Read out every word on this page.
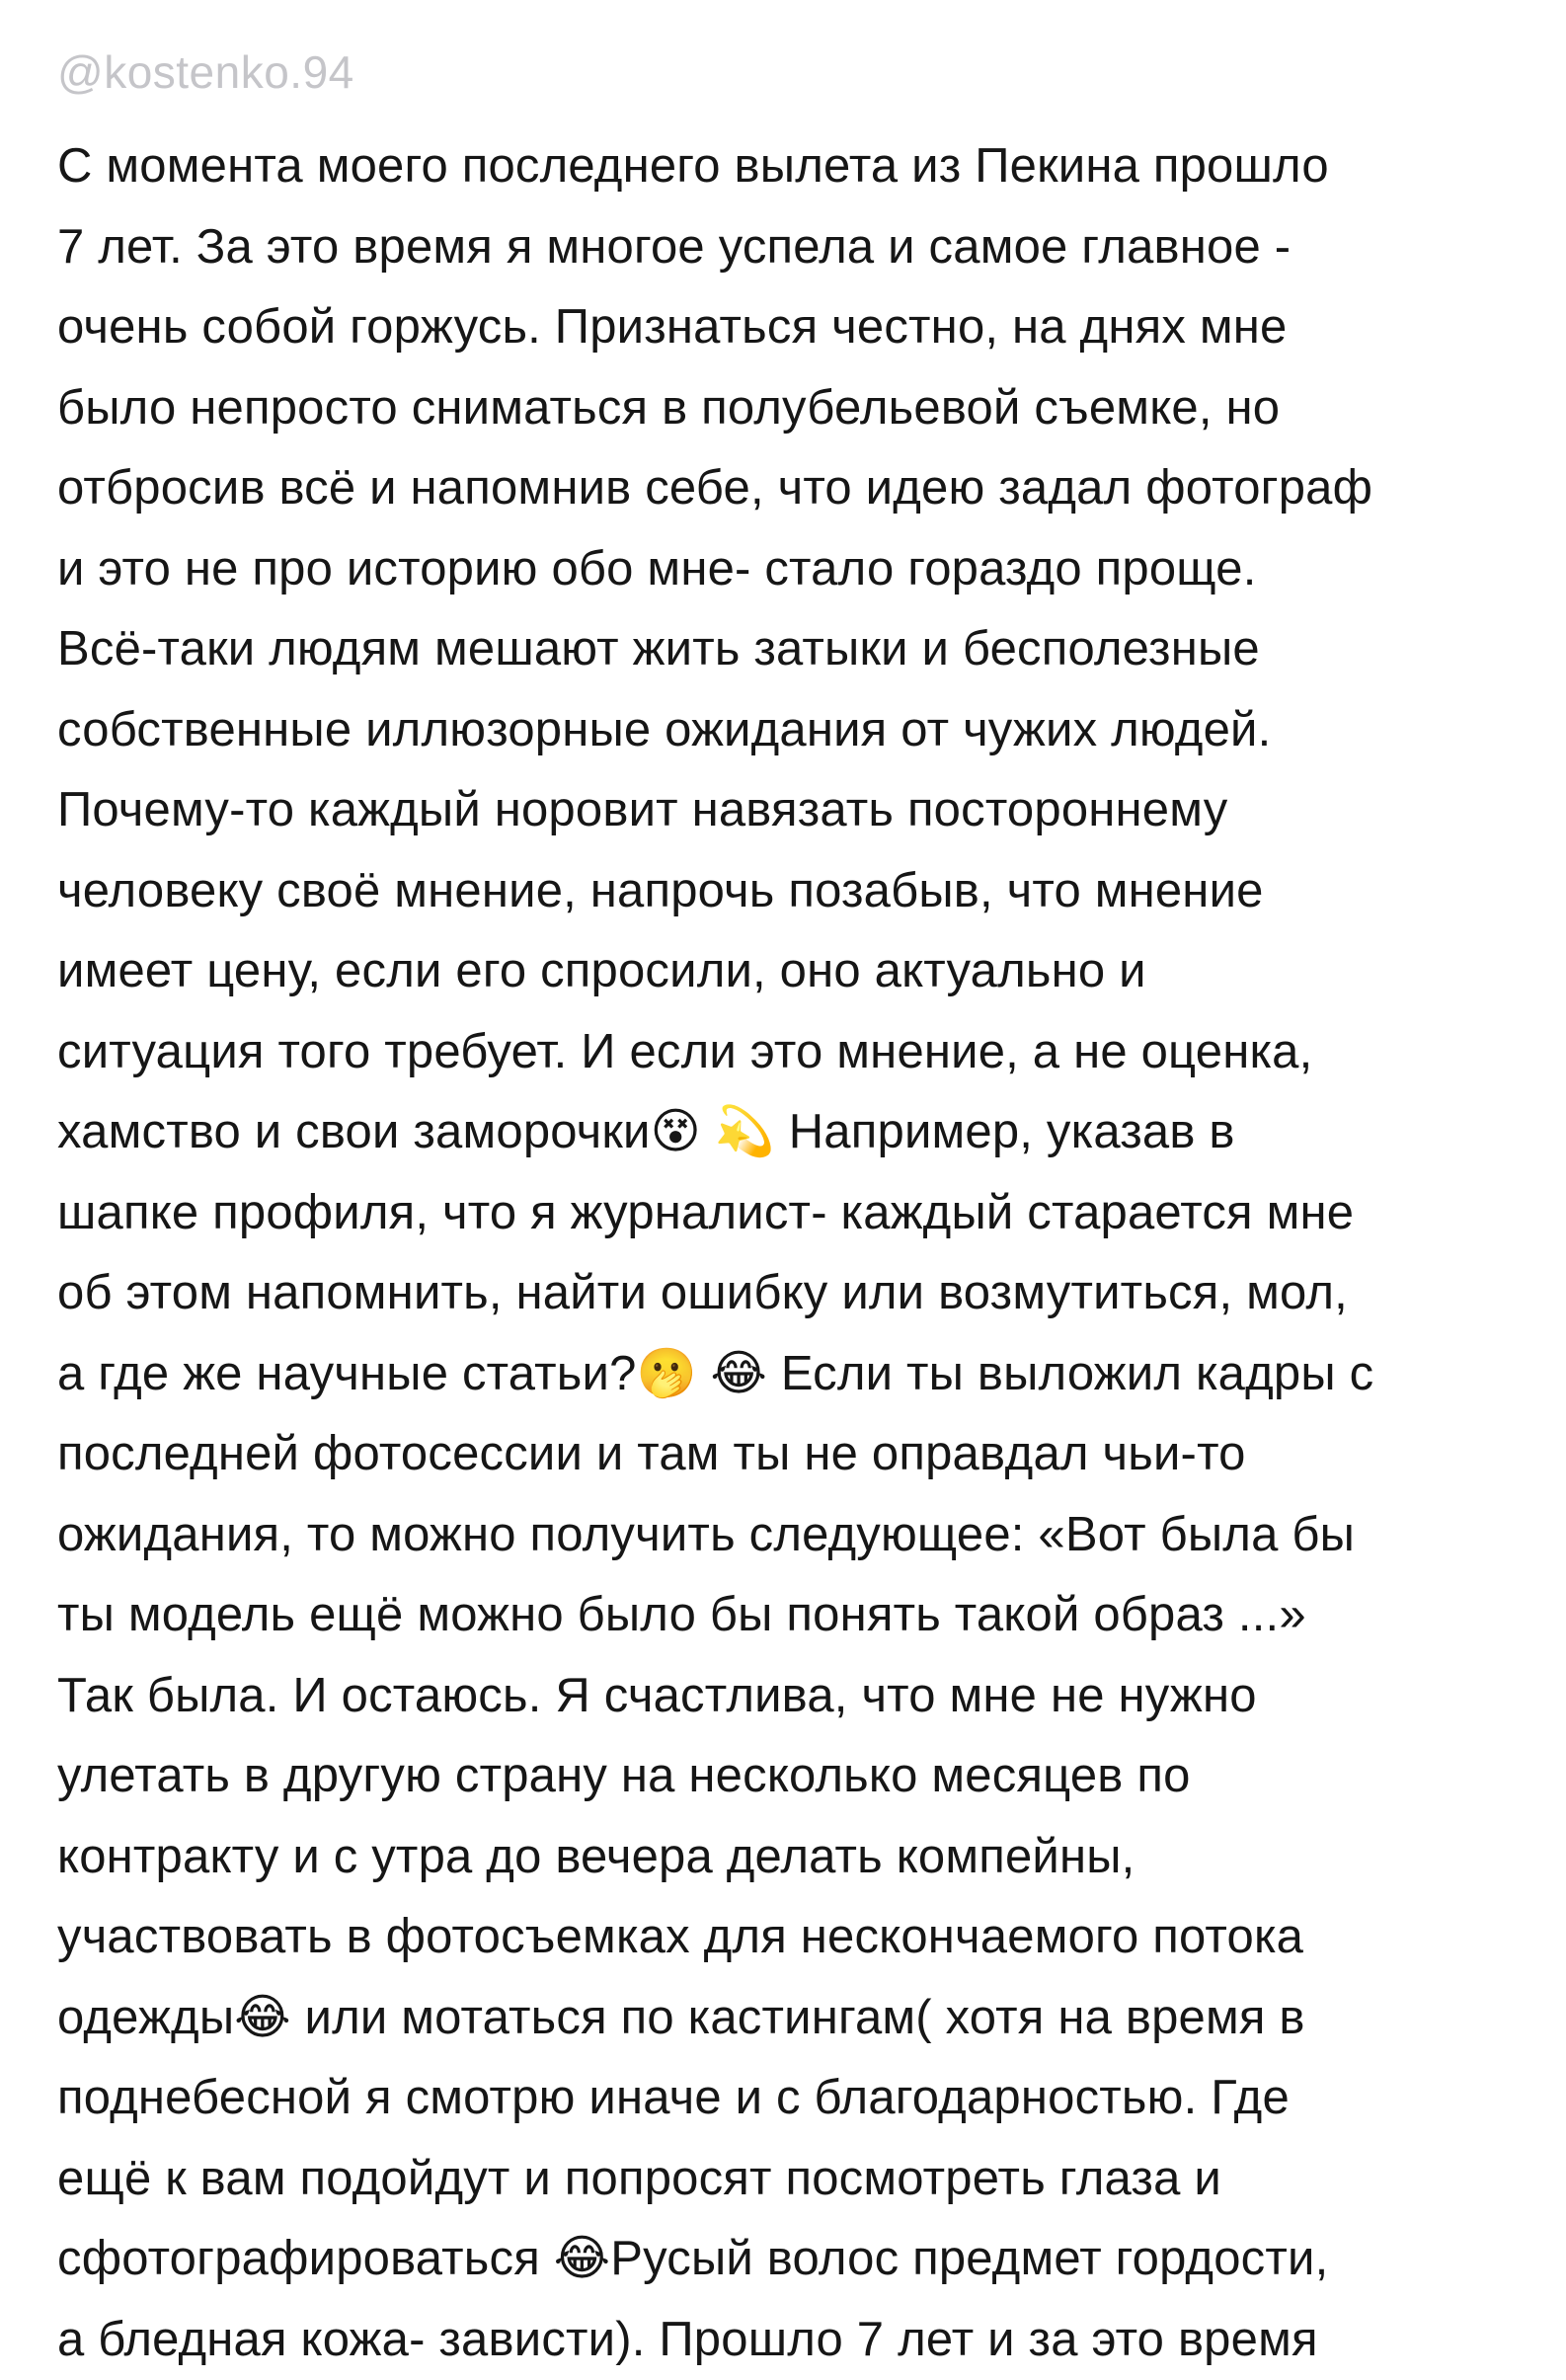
@kostenko.94
С момента моего последнего вылета из Пекина прошло
7 лет. За это время я многое успела и самое главное -
очень собой горжусь. Признаться честно, на днях мне
было непросто сниматься в полубельевой съемке, но
отбросив всё и напомнив себе, что идею задал фотограф
и это не про историю обо мне- стало гораздо проще.
Всё-таки людям мешают жить затыки и бесполезные
собственные иллюзорные ожидания от чужих людей.
Почему-то каждый норовит навязать постороннему
человеку своё мнение, напрочь позабыв, что мнение
имеет цену, если его спросили, оно актуально и
ситуация того требует. И если это мнение, а не оценка,
хамство и свои заморочки😵 💫 Например, указав в
шапке профиля, что я журналист- каждый старается мне
об этом напомнить, найти ошибку или возмутиться, мол,
а где же научные статьи?🫢 😂 Если ты выложил кадры с
последней фотосессии и там ты не оправдал чьи-то
ожидания, то можно получить следующее: «Вот была бы
ты модель ещё можно было бы понять такой образ ...»
Так была. И остаюсь. Я счастлива, что мне не нужно
улетать в другую страну на несколько месяцев по
контракту и с утра до вечера делать компейны,
участвовать в фотосъемках для нескончаемого потока
одежды😂 или мотаться по кастингам( хотя на время в
поднебесной я смотрю иначе и с благодарностью. Где
ещё к вам подойдут и попросят посмотреть глаза и
сфотографироваться 😂Русый волос предмет гордости,
а бледная кожа- зависти). Прошло 7 лет и за это время
